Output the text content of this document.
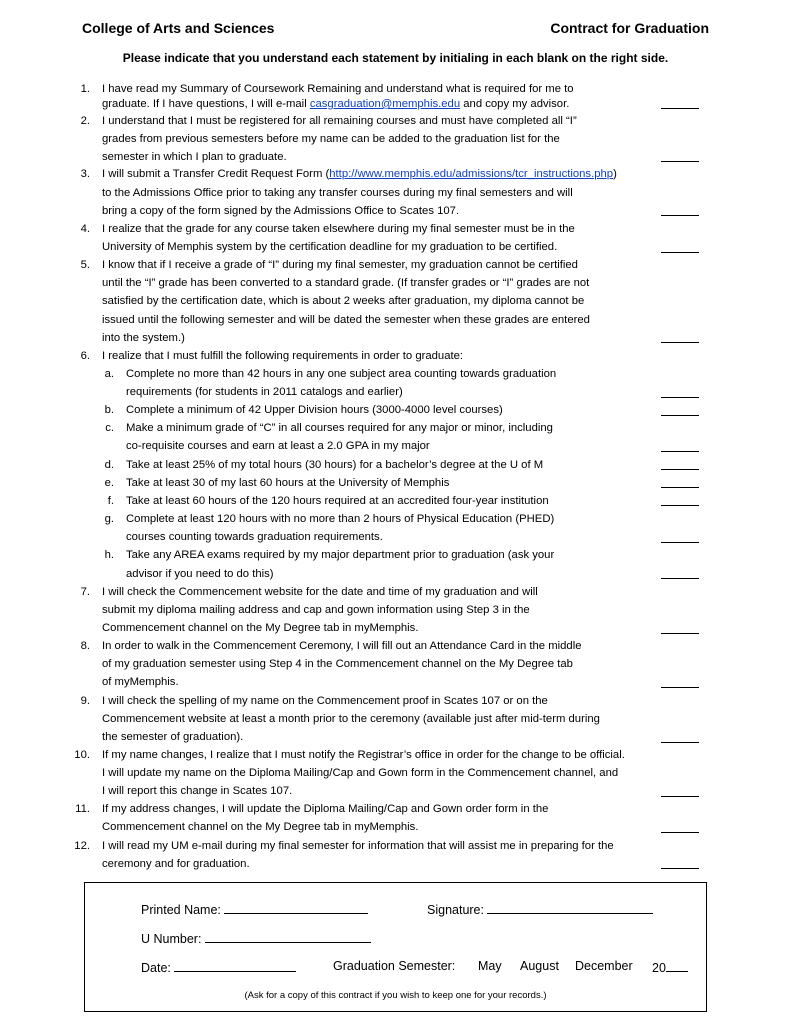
College of Arts and Sciences	Contract for Graduation
Please indicate that you understand each statement by initialing in each blank on the right side.
1. I have read my Summary of Coursework Remaining and understand what is required for me to
graduate. If I have questions, I will e-mail casgraduation@memphis.edu and copy my advisor.
2. I understand that I must be registered for all remaining courses and must have completed all “I”
grades from previous semesters before my name can be added to the graduation list for the
semester in which I plan to graduate.
3. I will submit a Transfer Credit Request Form (http://www.memphis.edu/admissions/tcr_instructions.php)
to the Admissions Office prior to taking any transfer courses during my final semesters and will
bring a copy of the form signed by the Admissions Office to Scates 107.
4. I realize that the grade for any course taken elsewhere during my final semester must be in the
University of Memphis system by the certification deadline for my graduation to be certified.
5. I know that if I receive a grade of “I” during my final semester, my graduation cannot be certified
until the “I” grade has been converted to a standard grade. (If transfer grades or “I” grades are not
satisfied by the certification date, which is about 2 weeks after graduation, my diploma cannot be
issued until the following semester and will be dated the semester when these grades are entered
into the system.)
6. I realize that I must fulfill the following requirements in order to graduate:
a. Complete no more than 42 hours in any one subject area counting towards graduation
requirements (for students in 2011 catalogs and earlier)
b. Complete a minimum of 42 Upper Division hours (3000-4000 level courses)
c. Make a minimum grade of “C” in all courses required for any major or minor, including
co-requisite courses and earn at least a 2.0 GPA in my major
d. Take at least 25% of my total hours (30 hours) for a bachelor’s degree at the U of M
e. Take at least 30 of my last 60 hours at the University of Memphis
f. Take at least 60 hours of the 120 hours required at an accredited four-year institution
g. Complete at least 120 hours with no more than 2 hours of Physical Education (PHED)
courses counting towards graduation requirements.
h. Take any AREA exams required by my major department prior to graduation (ask your
advisor if you need to do this)
7. I will check the Commencement website for the date and time of my graduation and will
submit my diploma mailing address and cap and gown information using Step 3 in the
Commencement channel on the My Degree tab in myMemphis.
8. In order to walk in the Commencement Ceremony, I will fill out an Attendance Card in the middle
of my graduation semester using Step 4 in the Commencement channel on the My Degree tab
of myMemphis.
9. I will check the spelling of my name on the Commencement proof in Scates 107 or on the
Commencement website at least a month prior to the ceremony (available just after mid-term during
the semester of graduation).
10. If my name changes, I realize that I must notify the Registrar’s office in order for the change to be official.
I will update my name on the Diploma Mailing/Cap and Gown form in the Commencement channel, and
I will report this change in Scates 107.
11. If my address changes, I will update the Diploma Mailing/Cap and Gown order form in the
Commencement channel on the My Degree tab in myMemphis.
12. I will read my UM e-mail during my final semester for information that will assist me in preparing for the
ceremony and for graduation.
Printed Name:	Signature:
U Number:
Date:	Graduation Semester: May August December 20
(Ask for a copy of this contract if you wish to keep one for your records.)
